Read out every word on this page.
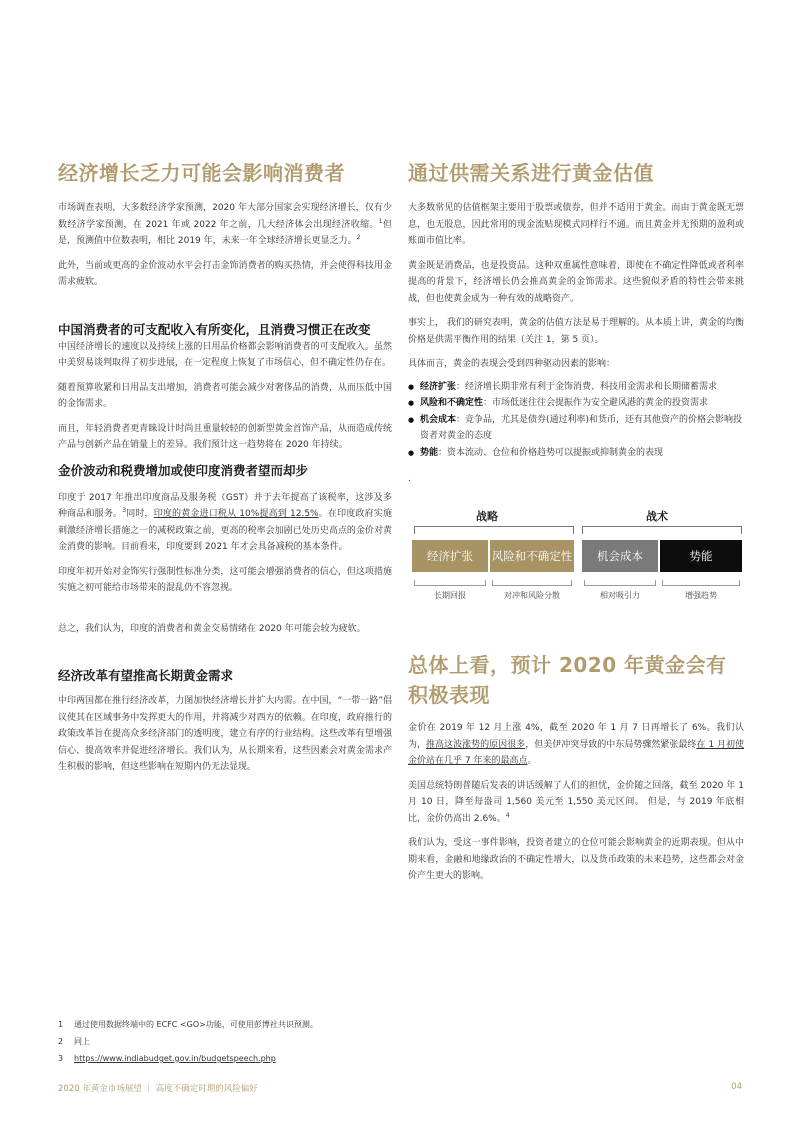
经济增长乏力可能会影响消费者

市场调查表明，大多数经济学家预测，2020 年大部分国家会实现经济增长，仅有少数经济学家预测，在 2021 年或 2022 年之前，几大经济体会出现经济收缩。$^1$但是，预测值中位数表明，相比 2019 年，未来一年全球经济增长更显乏力。$^2$

此外，当前或更高的金价波动水平会打击金饰消费者的购买热情，并会使得科技用金需求疲软。

中国消费者的可支配收入有所变化，且消费习惯正在改变

中国经济增长的速度以及持续上涨的日用品价格都会影响消费者的可支配收入。虽然中美贸易谈判取得了初步进展，在一定程度上恢复了市场信心，但不确定性仍存在。

随着预算收紧和日用品支出增加，消费者可能会减少对奢侈品的消费，从而压低中国的金饰需求。

而且，年轻消费者更青睐设计时尚且重量较轻的创新型黄金首饰产品，从而造成传统产品与创新产品在销量上的差异。我们预计这一趋势将在 2020 年持续。

金价波动和税费增加或使印度消费者望而却步

印度于 2017 年推出印度商品及服务税（GST）并于去年提高了该税率，这涉及多种商品和服务。$^3$同时，印度的黄金进口税从 10%提高到 12.5%。在印度政府实施刺激经济增长措施之一的减税政策之前，更高的税率会加剧已处历史高点的金价对黄金消费的影响。目前看来，印度要到 2021 年才会具备减税的基本条件。

印度年初开始对金饰实行强制性标准分类，这可能会增强消费者的信心，但这项措施实施之初可能给市场带来的混乱仍不容忽视。

总之，我们认为，印度的消费者和黄金交易情绪在 2020 年可能会较为疲软。

经济改革有望推高长期黄金需求

中印两国都在推行经济改革，力图加快经济增长并扩大内需。在中国，“一带一路”倡议使其在区域事务中发挥更大的作用，并将减少对西方的依赖。在印度，政府推行的政策改革旨在提高众多经济部门的透明度，建立有序的行业结构。这些改革有望增强信心、提高效率并促进经济增长。我们认为，从长期来看，这些因素会对黄金需求产生积极的影响，但这些影响在短期内仍无法显现。

通过供需关系进行黄金估值

大多数常见的估值框架主要用于股票或债券，但并不适用于黄金。而由于黄金既无票息，也无股息，因此常用的现金流贴现模式同样行不通。而且黄金并无预期的盈利或账面市值比率。

黄金既是消费品，也是投资品。这种双重属性意味着，即使在不确定性降低或者利率提高的背景下，经济增长仍会推高黄金的金饰需求。这些貌似矛盾的特性会带来挑战，但也使黄金成为一种有效的战略资产。

事实上， 我们的研究表明，黄金的估值方法是易于理解的。从本质上讲，黄金的均衡价格是供需平衡作用的结果（关注 1，第 5 页）。

具体而言，黄金的表现会受到四种驱动因素的影响：

● 经济扩张：经济增长期非常有利于金饰消费、科技用金需求和长期储蓄需求
● 风险和不确定性：市场低迷往往会提振作为安全避风港的黄金的投资需求
● 机会成本：竞争品，尤其是债券(通过利率)和货币，还有其他资产的价格会影响投资者对黄金的态度
● 势能：资本流动、仓位和价格趋势可以提振或抑制黄金的表现

.

战略	战术
经济扩张	风险和不确定性	机会成本	势能
长期回报	对冲和风险分散	相对吸引力	增强趋势
总体上看，预计 2020 年黄金会有积极表现

金价在 2019 年 12 月上涨 4%，截至 2020 年 1 月 7 日再增长了 6%。我们认为，推高这波涨势的原因很多，但美伊冲突导致的中东局势骤然紧张最终在 1 月初使金价站在几乎 7 年来的最高点。

美国总统特朗普随后发表的讲话缓解了人们的担忧，金价随之回落，截至 2020 年 1 月 10 日，降至每盎司 1,560 美元至 1,550 美元区间。 但是，与 2019 年底相比，金价仍高出 2.6%。$^4$

我们认为，受这一事件影响，投资者建立的仓位可能会影响黄金的近期表现。但从中期来看，金融和地缘政治的不确定性增大，以及货币政策的未来趋势，这些都会对金价产生更大的影响。

1	通过使用数据终端中的 ECFC <GO>功能，可使用彭博社共识预测。
2	同上
3	https://www.indiabudget.gov.in/budgetspeech.php
2020 年黄金市场展望 ｜ 高度不确定时期的风险偏好	04
